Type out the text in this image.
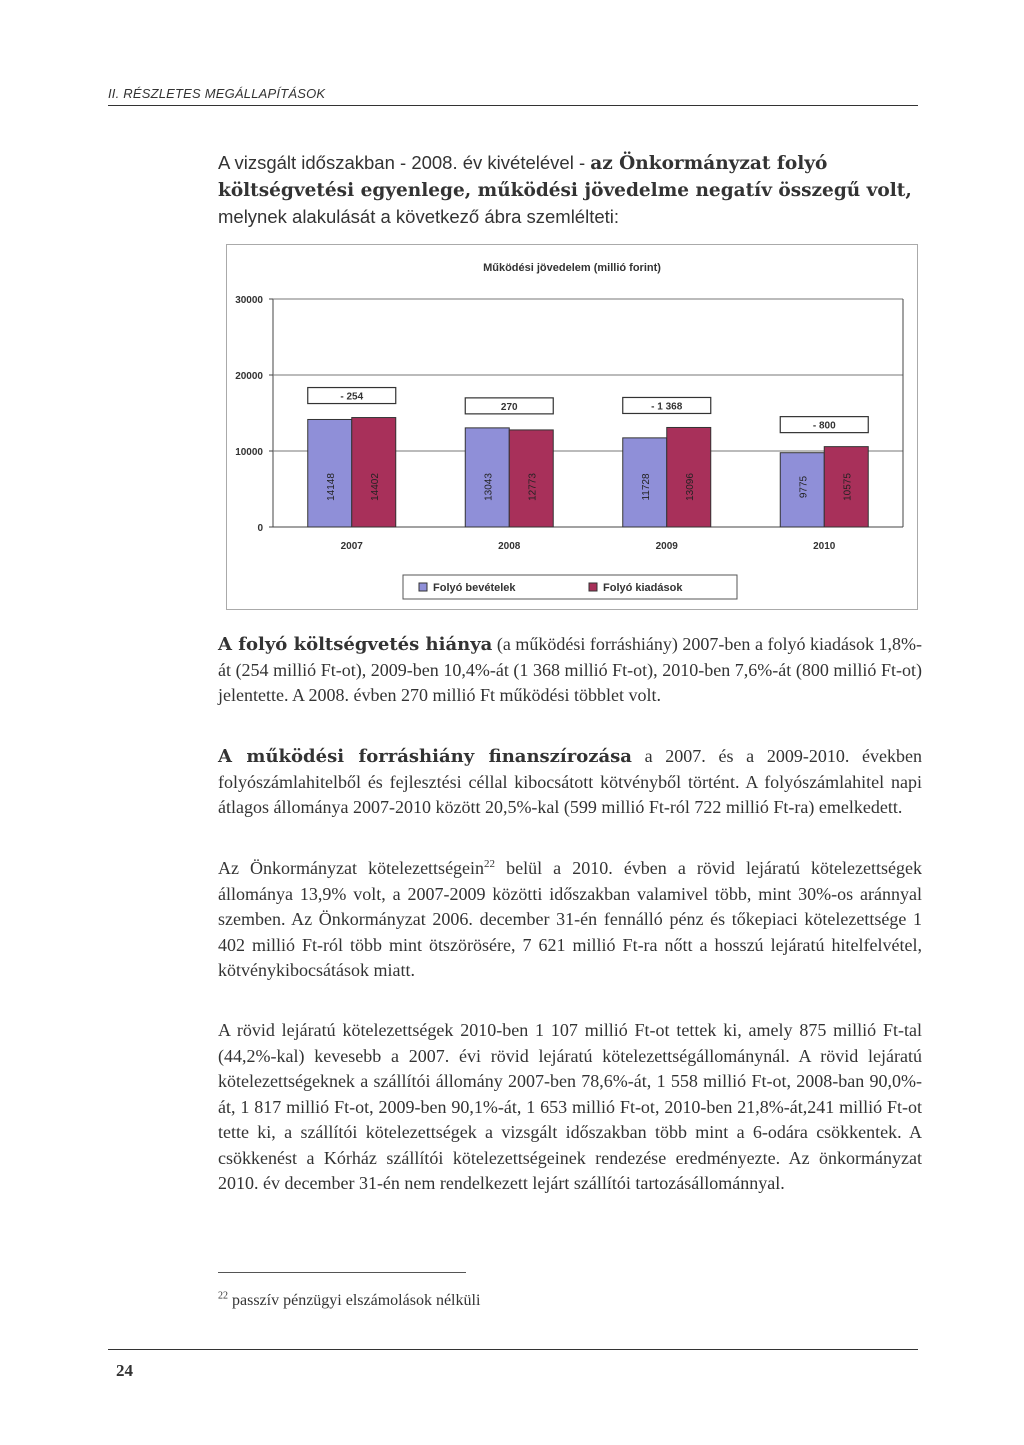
II. RÉSZLETES MEGÁLLAPÍTÁSOK
A vizsgált időszakban - 2008. év kivételével - az Önkormányzat folyó költségvetési egyenlege, működési jövedelme negatív összegű volt, melynek alakulását a következő ábra szemlélteti:
Működési jövedelem (millió forint)
0
10000
20000
30000
14148	14402
- 254
2007
13043	12773
270
2008
11728	13096
- 1 368
2009
9775	10575
- 800
2010
Folyó bevételek	Folyó kiadások
A folyó költségvetés hiánya (a működési forráshiány) 2007-ben a folyó kiadások 1,8%-át (254 millió Ft-ot), 2009-ben 10,4%-át (1 368 millió Ft-ot), 2010-ben 7,6%-át (800 millió Ft-ot) jelentette. A 2008. évben 270 millió Ft működési többlet volt.
A működési forráshiány finanszírozása a 2007. és a 2009-2010. években folyószámlahitelből és fejlesztési céllal kibocsátott kötvényből történt. A folyószámlahitel napi átlagos állománya 2007-2010 között 20,5%-kal (599 millió Ft-ról 722 millió Ft-ra) emelkedett.
Az Önkormányzat kötelezettségein$^{22}$ belül a 2010. évben a rövid lejáratú kötelezettségek állománya 13,9% volt, a 2007-2009 közötti időszakban valamivel több, mint 30%-os aránnyal szemben. Az Önkormányzat 2006. december 31-én fennálló pénz és tőkepiaci kötelezettsége 1 402 millió Ft-ról több mint ötszörösére, 7 621 millió Ft-ra nőtt a hosszú lejáratú hitelfelvétel, kötvénykibocsátások miatt.
A rövid lejáratú kötelezettségek 2010-ben 1 107 millió Ft-ot tettek ki, amely 875 millió Ft-tal (44,2%-kal) kevesebb a 2007. évi rövid lejáratú kötelezettségállománynál. A rövid lejáratú kötelezettségeknek a szállítói állomány 2007-ben 78,6%-át, 1 558 millió Ft-ot, 2008-ban 90,0%-át, 1 817 millió Ft-ot, 2009-ben 90,1%-át, 1 653 millió Ft-ot, 2010-ben 21,8%-át,241 millió Ft-ot tette ki, a szállítói kötelezettségek a vizsgált időszakban több mint a 6-odára csökkentek. A csökkenést a Kórház szállítói kötelezettségeinek rendezése eredményezte. Az önkormányzat 2010. év december 31-én nem rendelkezett lejárt szállítói tartozásállománnyal.
$^{22}$ passzív pénzügyi elszámolások nélküli
24
